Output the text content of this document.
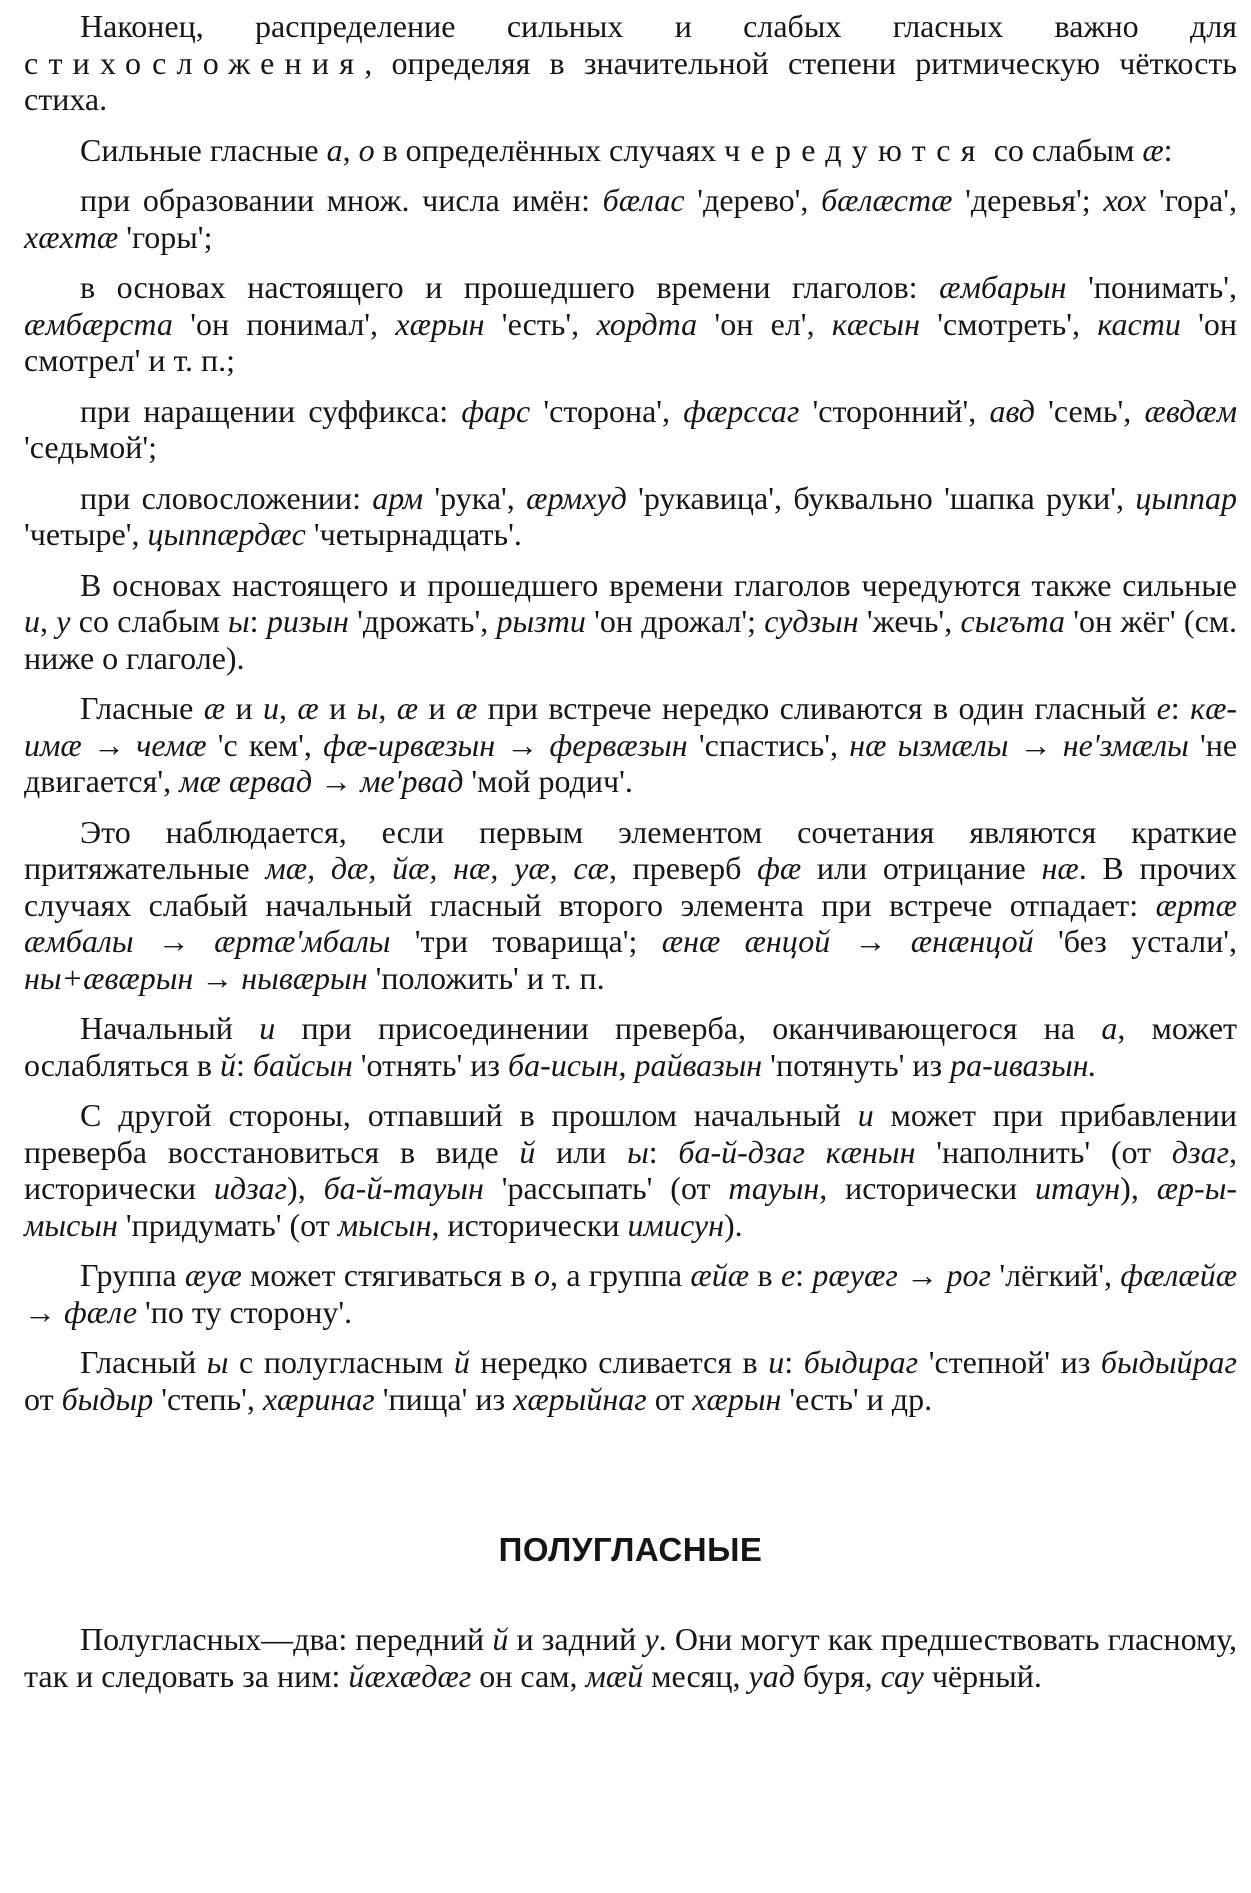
Наконец, распределение сильных и слабых гласных важно для стихосложения, определяя в значительной степени ритмическую чёткость стиха.

Сильные гласные а, о в определённых случаях чередуются со слабым æ:

при образовании множ. числа имён: бæлас 'дерево', бæлæстæ 'деревья'; хох 'гора', хæхтæ 'горы';

в основах настоящего и прошедшего времени глаголов: æмбарын 'понимать', æмбæрста 'он понимал', хæрын 'есть', хордта 'он ел', кæсын 'смотреть', касти 'он смотрел' и т. п.;

при наращении суффикса: фарс 'сторона', фæрссаг 'сторонний', авд 'семь', æвдæм 'седьмой';

при словосложении: арм 'рука', æрмхуд 'рукавица', буквально 'шапка руки', цыппар 'четыре', цыппæрдæс 'четырнадцать'.

В основах настоящего и прошедшего времени глаголов чередуются также сильные и, у со слабым ы: ризын 'дрожать', рызти 'он дрожал'; судзын 'жечь', сыгъта 'он жёг' (см. ниже о глаголе).

Гласные æ и и, æ и ы, æ и æ при встрече нередко сливаются в один гласный е: кæ-имæ → чемæ 'с кем', фæ-ирвæзын → фервæзын 'спастись', нæ ызмæлы → не'змæлы 'не двигается', мæ æрвад → ме'рвад 'мой родич'.

Это наблюдается, если первым элементом сочетания являются краткие притяжательные мæ, дæ, йæ, нæ, уæ, сæ, преверб фæ или отрицание нæ. В прочих случаях слабый начальный гласный второго элемента при встрече отпадает: æртæ æмбалы → æртæ'мбалы 'три товарища'; æнæ æнцой → æнæнцой 'без устали', ны+æвæрын → нывæрын 'положить' и т. п.

Начальный и при присоединении преверба, оканчивающегося на а, может ослабляться в й: байсын 'отнять' из ба-исын, райвазын 'потянуть' из ра-ивазын.

С другой стороны, отпавший в прошлом начальный и может при прибавлении преверба восстановиться в виде й или ы: ба-й-дзаг кæнын 'наполнить' (от дзаг, исторически идзаг), ба-й-тауын 'рассыпать' (от тауын, исторически итаун), æр-ы-мысын 'придумать' (от мысын, исторически имисун).

Группа æуæ может стягиваться в о, а группа æйæ в е: рæуæг → рог 'лёгкий', фæлæйæ → фæле 'по ту сторону'.

Гласный ы с полугласным й нередко сливается в и: быдираг 'степной' из быдыйраг от быдыр 'степь', хæринаг 'пища' из хæрыйнаг от хæрын 'есть' и др.

ПОЛУГЛАСНЫЕ

Полугласных—два: передний й и задний у. Они могут как предшествовать гласному, так и следовать за ним: йæхæдæг он сам, мæй месяц, уад буря, сау чёрный.
